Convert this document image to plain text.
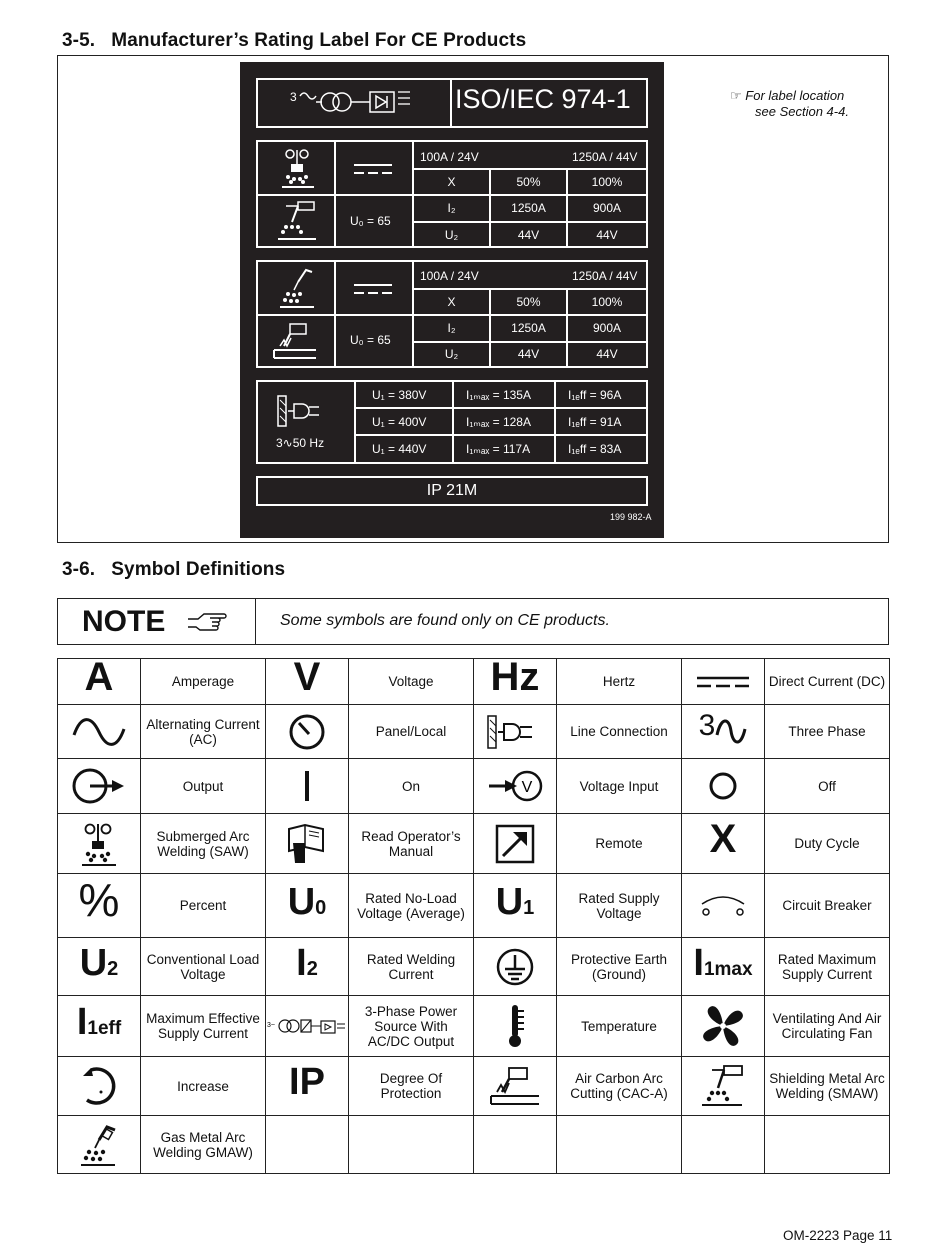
3-5.   Manufacturer’s Rating Label For CE Products
3	ISO/IEC 974-1
100A / 24V	1250A / 44V
U₀ = 65
X	50%	100%
I₂	1250A	900A
U₂	44V	44V
100A / 24V	1250A / 44V
U₀ = 65
X	50%	100%
I₂	1250A	900A
U₂	44V	44V
3∿50 Hz
U₁ = 380V	I₁ₘₐₓ = 135A	I₁ₑff = 96A
U₁ = 400V	I₁ₘₐₓ = 128A	I₁ₑff = 91A
U₁ = 440V	I₁ₘₐₓ = 117A	I₁ₑff = 83A
IP 21M
199 982-A
☞ For label location
see Section 4-4.
3-6.   Symbol Definitions
NOTE	Some symbols are found only on CE products.
A	Amperage	V	Voltage	Hz	Hertz		Direct Current (DC)

	Alternating Current (AC)		Panel/Local		Line Connection	3	Three Phase

	Output		On	V	Voltage Input		Off

	Submerged Arc Welding (SAW)		Read Operator’s Manual		Remote	X	Duty Cycle
%	Percent	U0	Rated No-Load Voltage (Average)	U1	Rated Supply Voltage		Circuit Breaker
U2	Conventional Load Voltage	I2	Rated Welding Current		Protective Earth (Ground)	I1max	Rated Maximum Supply Current
I1eff	Maximum Effective Supply Current	3~	3-Phase Power Source With AC/DC Output		Temperature		Ventilating And Air Circulating Fan

	Increase	IP	Degree Of Protection		Air Carbon Arc Cutting (CAC-A)		Shielding Metal Arc Welding (SMAW)

	Gas Metal Arc Welding GMAW)						
OM-2223 Page 11
